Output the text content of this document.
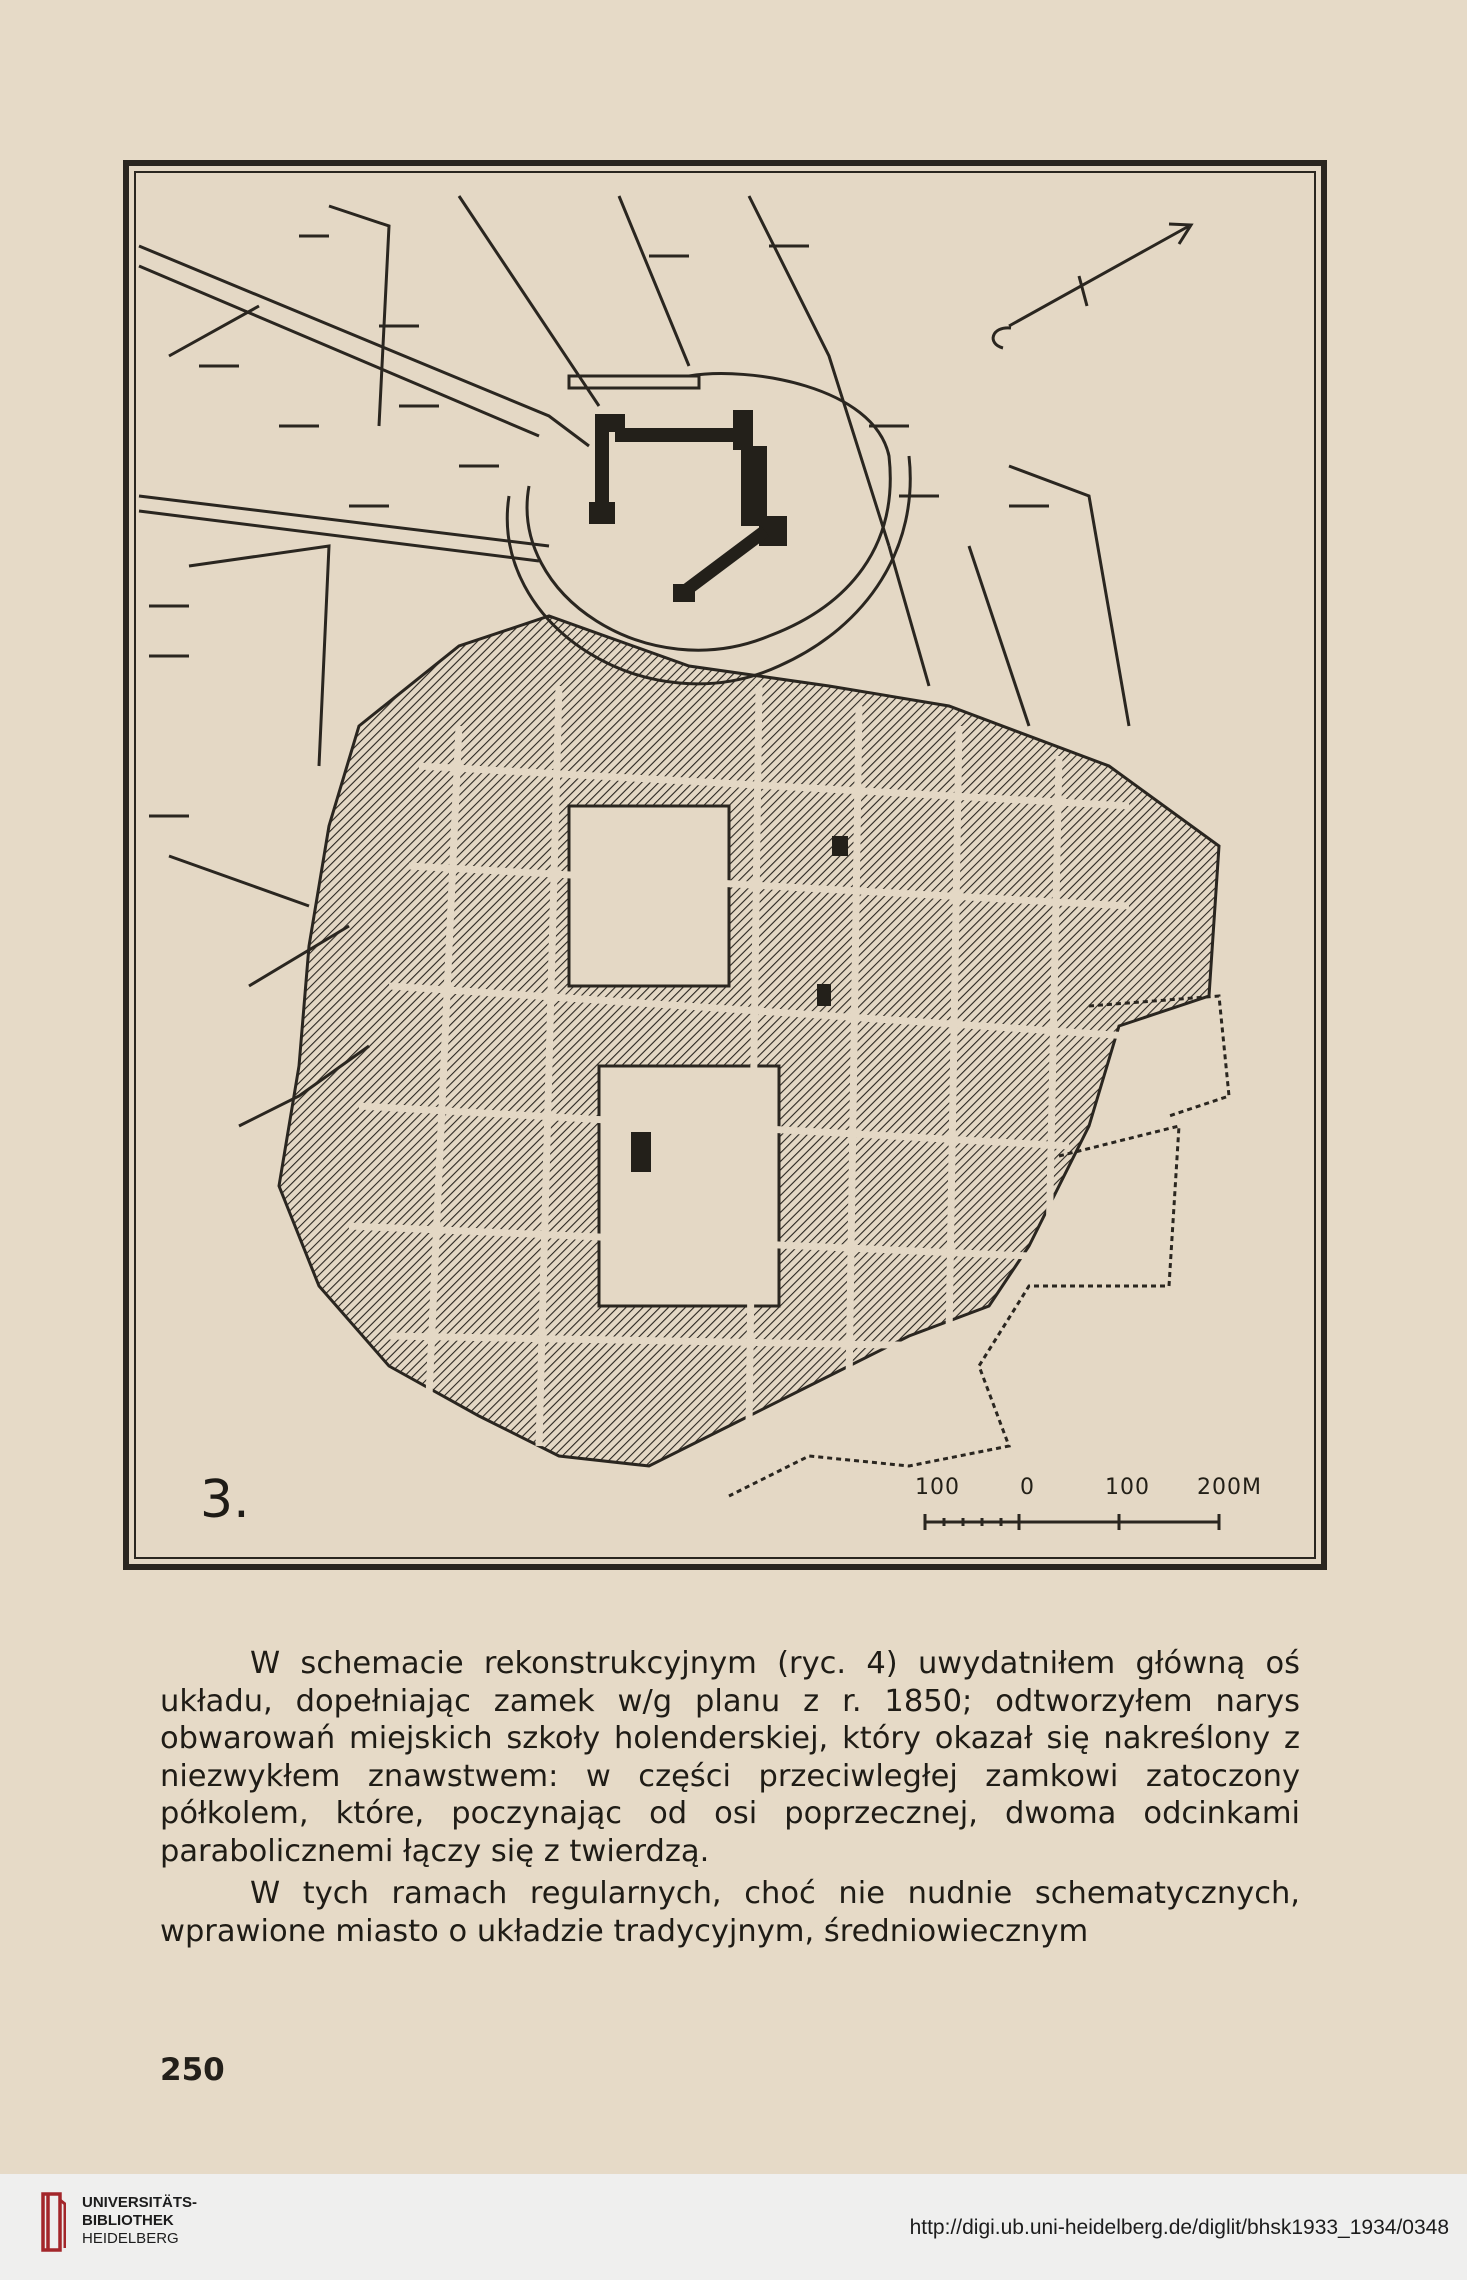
3.	100	0	100 200M

W schemacie rekonstrukcyjnym (ryc. 4) uwydatniłem główną oś układu, dopełniając zamek w/g planu z r. 1850; odtworzyłem narys obwarowań miejskich szkoły holenderskiej, który okazał się nakreślony z niezwykłem znawstwem: w części przeciwległej zamkowi zatoczony półkolem, które, poczynając od osi poprzecznej, dwoma odcinkami parabolicznemi łączy się z twierdzą.

W tych ramach regularnych, choć nie nudnie schematycznych, wprawione miasto o układzie tradycyjnym, średniowiecznym

250
UNIVERSITÄTS-
BIBLIOTHEK
HEIDELBERG	http://digi.ub.uni-heidelberg.de/diglit/bhsk1933_1934/0348
